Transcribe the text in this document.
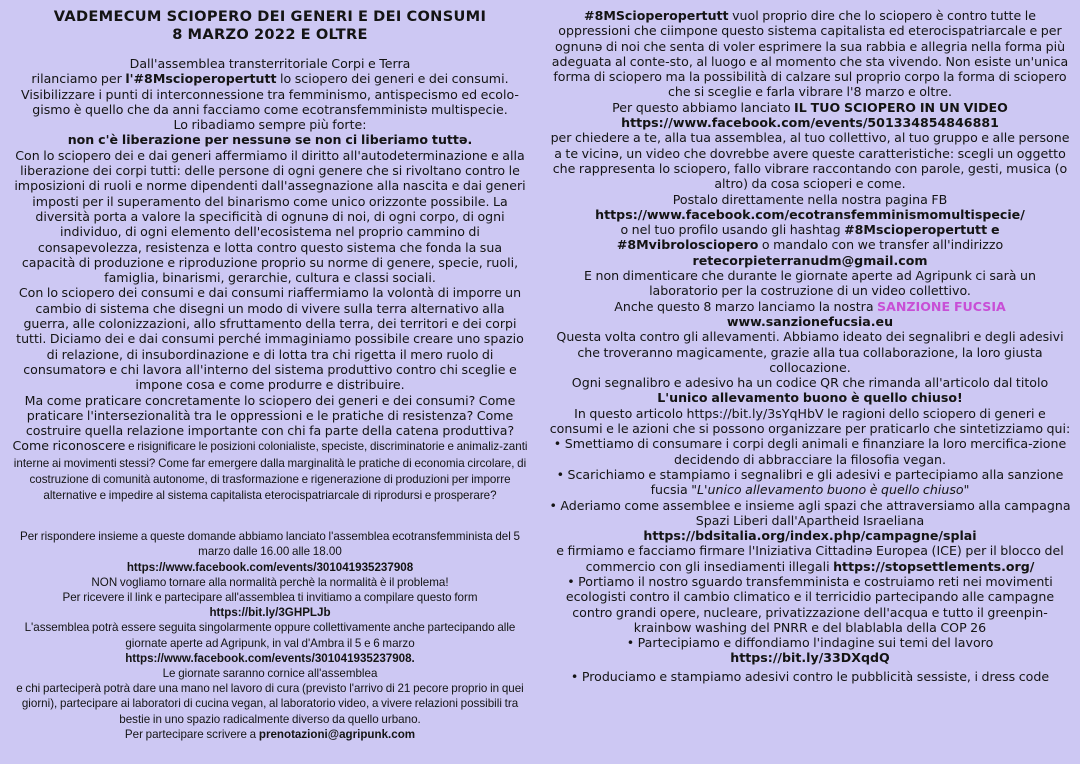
VADEMECUM SCIOPERO DEI GENERI E DEI CONSUMI
8 MARZO 2022 E OLTRE

Dall'assemblea transterritoriale Corpi e Terra

rilanciamo per l'#8Mscioperopertutt lo sciopero dei generi e dei consumi.

Visibilizzare i punti di interconnessione tra femminismo, antispecismo ed ecolo-gismo è quello che da anni facciamo come ecotransfemministə multispecie.

Lo ribadiamo sempre più forte:

non c'è liberazione per nessunə se non ci liberiamo tuttə.

Con lo sciopero dei e dai generi affermiamo il diritto all'autodeterminazione e alla liberazione dei corpi tutti: delle persone di ogni genere che si rivoltano contro le imposizioni di ruoli e norme dipendenti dall'assegnazione alla nascita e dai generi imposti per il superamento del binarismo come unico orizzonte possibile. La diversità porta a valore la specificità di ognunə di noi, di ogni corpo, di ogni individuo, di ogni elemento dell'ecosistema nel proprio cammino di consapevolezza, resistenza e lotta contro questo sistema che fonda la sua capacità di produzione e riproduzione proprio su norme di genere, specie, ruoli, famiglia, binarismi, gerarchie, cultura e classi sociali.

Con lo sciopero dei consumi e dai consumi riaffermiamo la volontà di imporre un cambio di sistema che disegni un modo di vivere sulla terra alternativo alla guerra, alle colonizzazioni, allo sfruttamento della terra, dei territori e dei corpi tutti. Diciamo dei e dai consumi perché immaginiamo possibile creare uno spazio di relazione, di insubordinazione e di lotta tra chi rigetta il mero ruolo di consumatorə e chi lavora all'interno del sistema produttivo contro chi sceglie e impone cosa e come produrre e distribuire.

Ma come praticare concretamente lo sciopero dei generi e dei consumi? Come praticare l'intersezionalità tra le oppressioni e le pratiche di resistenza? Come costruire quella relazione importante con chi fa parte della catena produttiva?

Come riconoscere e risignificare le posizioni colonialiste, speciste, discriminatorie e animaliz-zanti interne ai movimenti stessi? Come far emergere dalla marginalità le pratiche di economia circolare, di costruzione di comunità autonome, di trasformazione e rigenerazione di produzioni per imporre alternative e impedire al sistema capitalista eterocispatriarcale di riprodursi e prosperare?

Per rispondere insieme a queste domande abbiamo lanciato l'assemblea ecotransfemminista del 5 marzo dalle 16.00 alle 18.00

https://www.facebook.com/events/301041935237908

NON vogliamo tornare alla normalità perchè la normalità è il problema!

Per ricevere il link e partecipare all'assemblea ti invitiamo a compilare questo form

https://bit.ly/3GHPLJb

L'assemblea potrà essere seguita singolarmente oppure collettivamente anche partecipando alle giornate aperte ad Agripunk, in val d'Ambra il 5 e 6 marzo

https://www.facebook.com/events/301041935237908.

Le giornate saranno cornice all'assemblea

e chi parteciperà potrà dare una mano nel lavoro di cura (previsto l'arrivo di 21 pecore proprio in quei giorni), partecipare ai laboratori di cucina vegan, al laboratorio video, a vivere relazioni possibili tra bestie in uno spazio radicalmente diverso da quello urbano.

Per partecipare scrivere a prenotazioni@agripunk.com

#8MScioperopertutt vuol proprio dire che lo sciopero è contro tutte le oppressioni che ciimpone questo sistema capitalista ed eterocispatriarcale e per ognunə di noi che senta di voler esprimere la sua rabbia e allegria nella forma più adeguata al conte-sto, al luogo e al momento che sta vivendo. Non esiste un'unica forma di sciopero ma la possibilità di calzare sul proprio corpo la forma di sciopero che si sceglie e farla vibrare l'8 marzo e oltre.

Per questo abbiamo lanciato IL TUO SCIOPERO IN UN VIDEO

https://www.facebook.com/events/501334854846881

per chiedere a te, alla tua assemblea, al tuo collettivo, al tuo gruppo e alle persone a te vicinə, un video che dovrebbe avere queste caratteristiche: scegli un oggetto che rappresenta lo sciopero, fallo vibrare raccontando con parole, gesti, musica (o altro) da cosa scioperi e come.

Postalo direttamente nella nostra pagina FB

https://www.facebook.com/ecotransfemminismomultispecie/

o nel tuo profilo usando gli hashtag #8Mscioperopertutt e #8Mvibrolosciopero o mandalo con we transfer all'indirizzo

retecorpieterranudm@gmail.com

E non dimenticare che durante le giornate aperte ad Agripunk ci sarà un laboratorio per la costruzione di un video collettivo.

Anche questo 8 marzo lanciamo la nostra SANZIONE FUCSIA

www.sanzionefucsia.eu

Questa volta contro gli allevamenti. Abbiamo ideato dei segnalibri e degli adesivi che troveranno magicamente, grazie alla tua collaborazione, la loro giusta collocazione.

Ogni segnalibro e adesivo ha un codice QR che rimanda all'articolo dal titolo

L'unico allevamento buono è quello chiuso!

In questo articolo https://bit.ly/3sYqHbV le ragioni dello sciopero di generi e consumi e le azioni che si possono organizzare per praticarlo che sintetizziamo qui:

• Smettiamo di consumare i corpi degli animali e finanziare la loro mercifica-zione

decidendo di abbracciare la filosofia vegan.

• Scarichiamo e stampiamo i segnalibri e gli adesivi e partecipiamo alla sanzione fucsia "L'unico allevamento buono è quello chiuso"

• Aderiamo come assemblee e insieme agli spazi che attraversiamo alla campagna Spazi Liberi dall'Apartheid Israeliana

https://bdsitalia.org/index.php/campagne/splai

e firmiamo e facciamo firmare l'Iniziativa Cittadinə Europea (ICE) per il blocco del commercio con gli insediamenti illegali https://stopsettlements.org/

• Portiamo il nostro sguardo transfemminista e costruiamo reti nei movimenti ecologisti contro il cambio climatico e il terricidio partecipando alle campagne contro grandi opere, nucleare, privatizzazione dell'acqua e tutto il greenpin-krainbow washing del PNRR e del blablabla della COP 26

• Partecipiamo e diffondiamo l'indagine sui temi del lavoro

https://bit.ly/33DXqdQ

• Produciamo e stampiamo adesivi contro le pubblicità sessiste, i dress code
